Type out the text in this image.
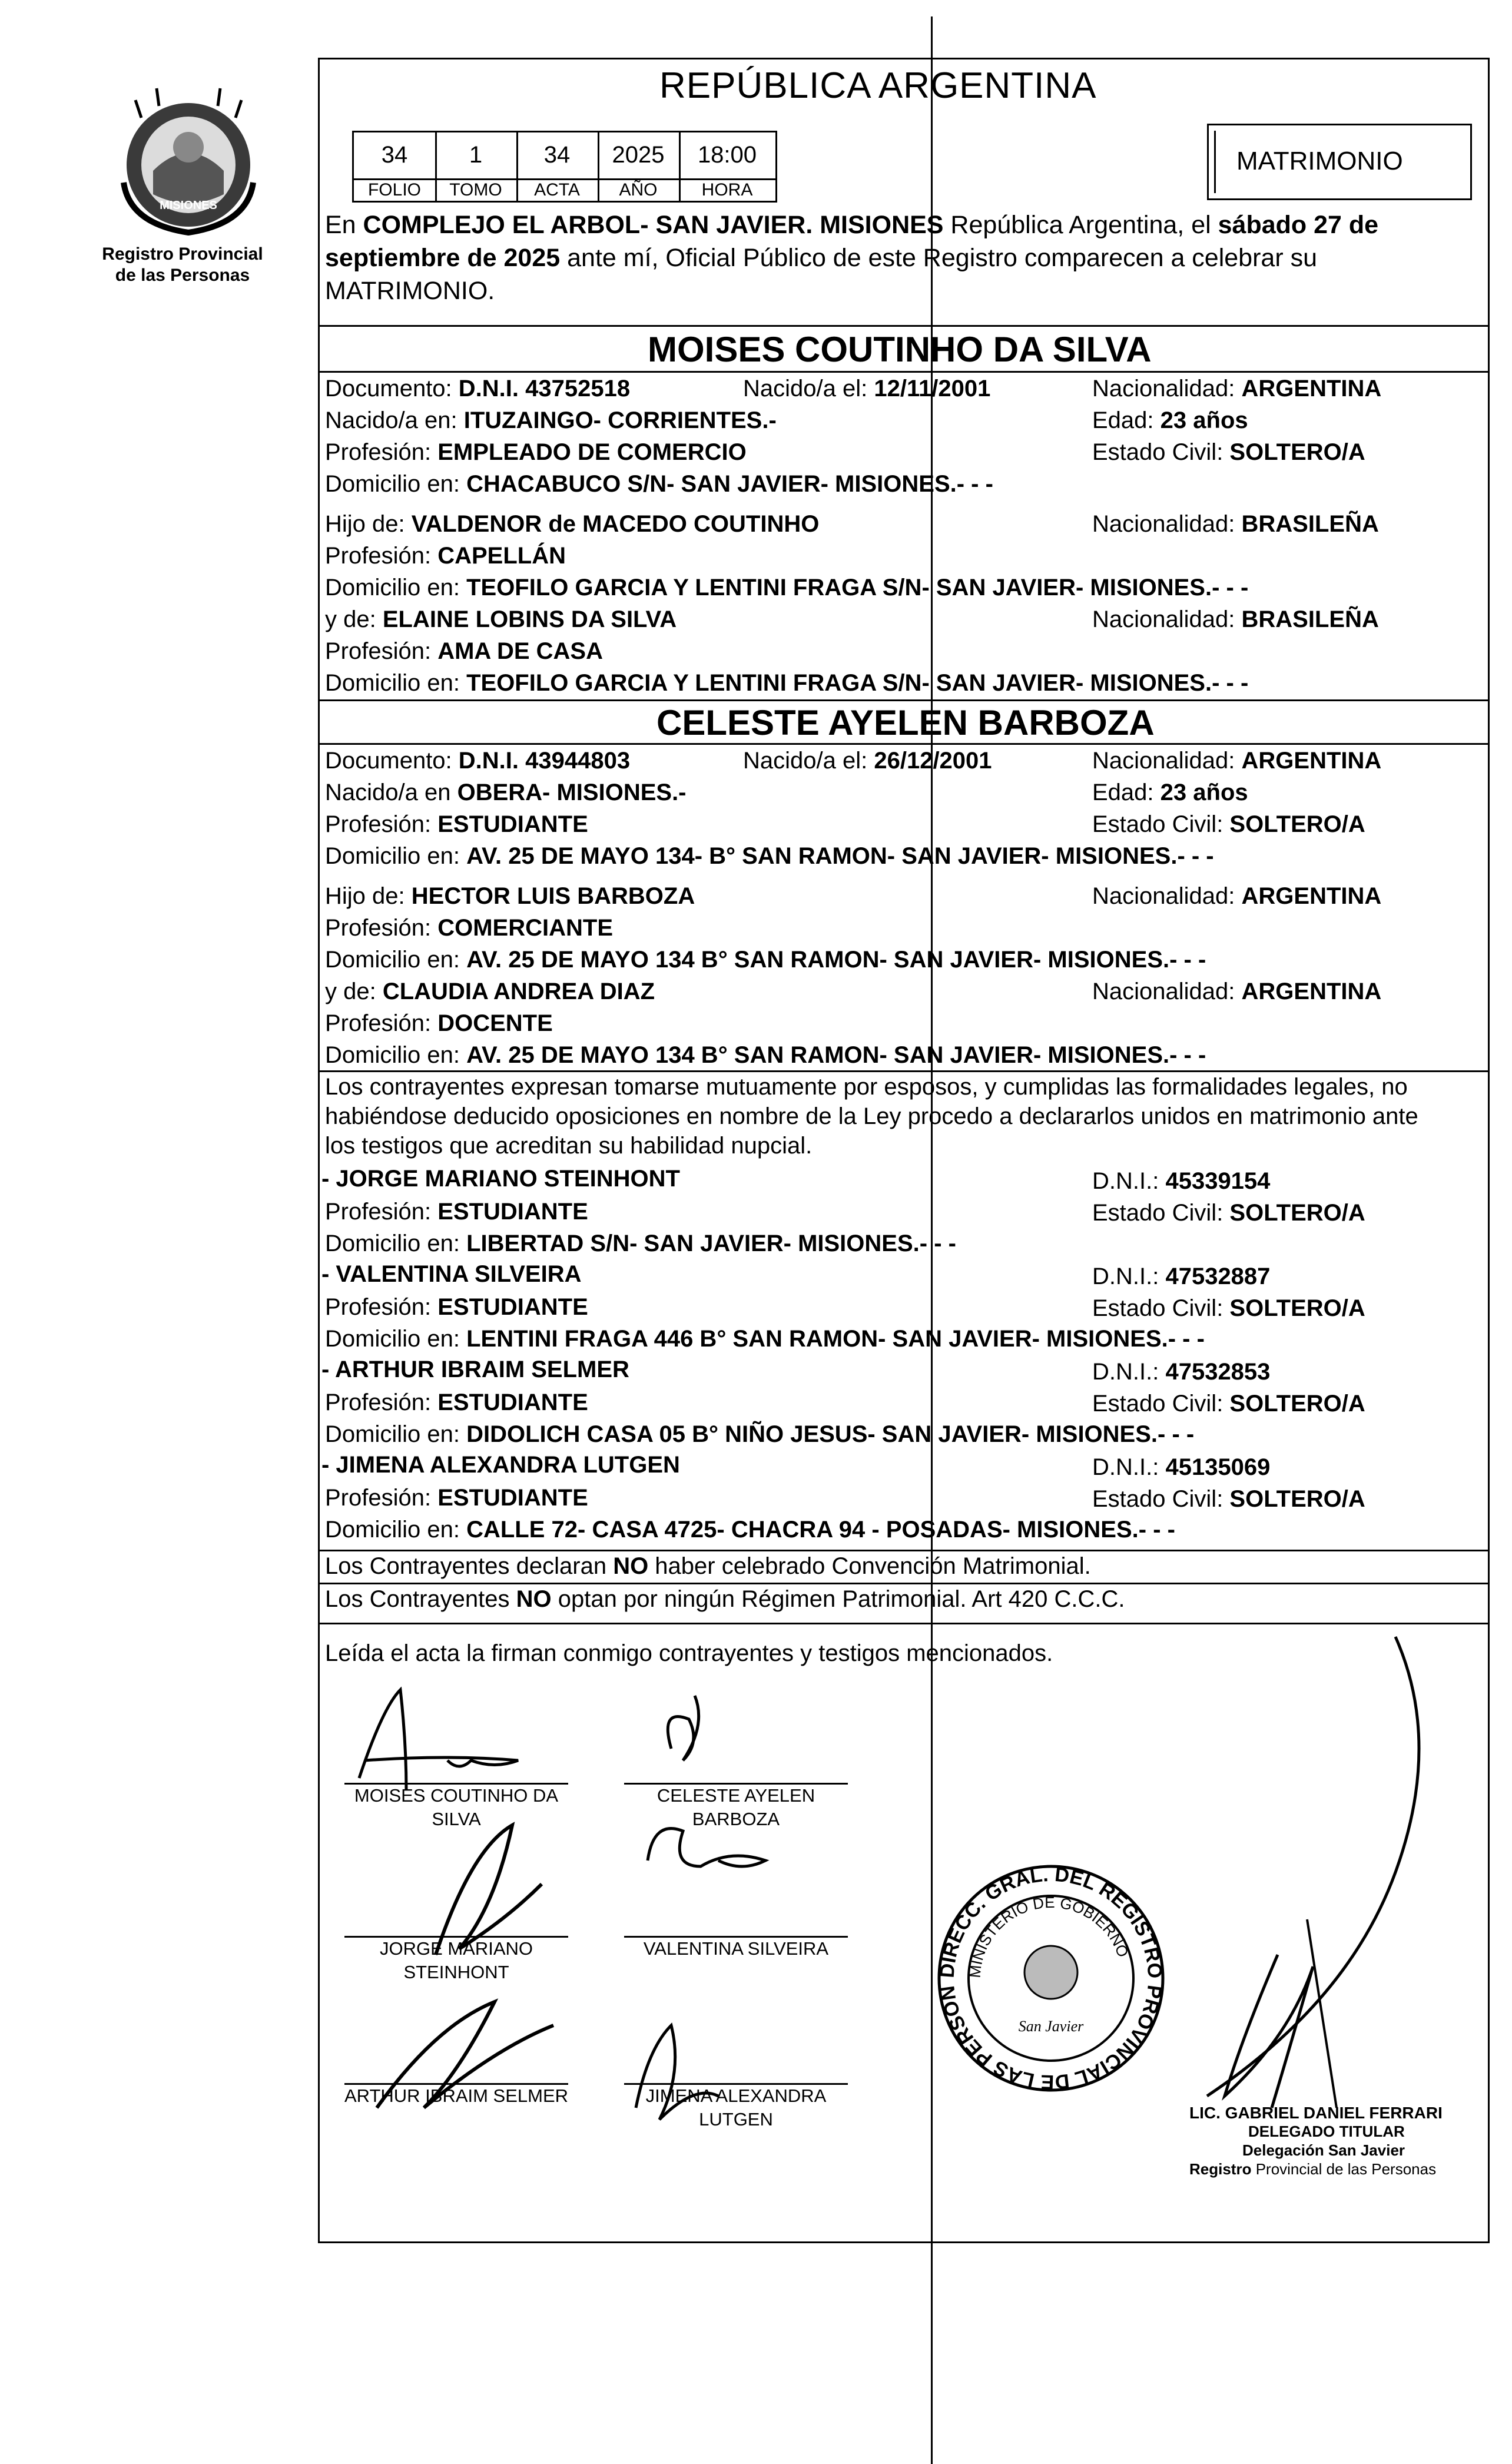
MISIONES
Registro Provincial
de las Personas
REPÚBLICA ARGENTINA
MATRIMONIO
34	1	34	2025	18:00
FOLIO	TOMO	ACTA	AÑO	HORA
En COMPLEJO EL ARBOL- SAN JAVIER. MISIONES República Argentina, el sábado 27 de
septiembre de 2025 ante mí, Oficial Público de este Registro comparecen a celebrar su
MATRIMONIO.
MOISES COUTINHO DA SILVA
Documento: D.N.I. 43752518	Nacido/a el: 12/11/2001	Nacionalidad: ARGENTINA
Nacido/a en: ITUZAINGO- CORRIENTES.-	Edad: 23 años
Profesión: EMPLEADO DE COMERCIO	Estado Civil: SOLTERO/A
Domicilio en: CHACABUCO S/N- SAN JAVIER- MISIONES.- - -
Hijo de: VALDENOR de MACEDO COUTINHO	Nacionalidad: BRASILEÑA
Profesión: CAPELLÁN
Domicilio en: TEOFILO GARCIA Y LENTINI FRAGA S/N- SAN JAVIER- MISIONES.- - -
y de: ELAINE LOBINS DA SILVA	Nacionalidad: BRASILEÑA
Profesión: AMA DE CASA
Domicilio en: TEOFILO GARCIA Y LENTINI FRAGA S/N- SAN JAVIER- MISIONES.- - -
CELESTE AYELEN BARBOZA
Documento: D.N.I. 43944803	Nacido/a el: 26/12/2001	Nacionalidad: ARGENTINA
Nacido/a en OBERA- MISIONES.-	Edad: 23 años
Profesión: ESTUDIANTE	Estado Civil: SOLTERO/A
Domicilio en: AV. 25 DE MAYO 134- B° SAN RAMON- SAN JAVIER- MISIONES.- - -
Hijo de: HECTOR LUIS BARBOZA	Nacionalidad: ARGENTINA
Profesión: COMERCIANTE
Domicilio en: AV. 25 DE MAYO 134 B° SAN RAMON- SAN JAVIER- MISIONES.- - -
y de: CLAUDIA ANDREA DIAZ	Nacionalidad: ARGENTINA
Profesión: DOCENTE
Domicilio en: AV. 25 DE MAYO 134 B° SAN RAMON- SAN JAVIER- MISIONES.- - -
Los contrayentes expresan tomarse mutuamente por esposos, y cumplidas las formalidades legales, no
habiéndose deducido oposiciones en nombre de la Ley procedo a declararlos unidos en matrimonio ante
los testigos que acreditan su habilidad nupcial.
- JORGE MARIANO STEINHONT	D.N.I.: 45339154
Profesión: ESTUDIANTE	Estado Civil: SOLTERO/A
Domicilio en: LIBERTAD S/N- SAN JAVIER- MISIONES.- - -
- VALENTINA SILVEIRA	D.N.I.: 47532887
Profesión: ESTUDIANTE	Estado Civil: SOLTERO/A
Domicilio en: LENTINI FRAGA 446 B° SAN RAMON- SAN JAVIER- MISIONES.- - -
- ARTHUR IBRAIM SELMER	D.N.I.: 47532853
Profesión: ESTUDIANTE	Estado Civil: SOLTERO/A
Domicilio en: DIDOLICH CASA 05 B° NIÑO JESUS- SAN JAVIER- MISIONES.- - -
- JIMENA ALEXANDRA LUTGEN	D.N.I.: 45135069
Profesión: ESTUDIANTE	Estado Civil: SOLTERO/A
Domicilio en: CALLE 72- CASA 4725- CHACRA 94 - POSADAS- MISIONES.- - -
Los Contrayentes declaran NO haber celebrado Convención Matrimonial.
Los Contrayentes NO optan por ningún Régimen Patrimonial. Art 420 C.C.C.
Leída el acta la firman conmigo contrayentes y testigos mencionados.
MOISES COUTINHO DA
SILVA
CELESTE AYELEN
BARBOZA
JORGE MARIANO
STEINHONT
VALENTINA SILVEIRA
ARTHUR IBRAIM SELMER	JIMENA ALEXANDRA
LUTGEN
DIRECC. GRAL. DEL REGISTRO PROVINCIAL DE LAS PERSON
MINISTERIO DE GOBIERNO
San Javier
LIC. GABRIEL DANIEL FERRARI
DELEGADO TITULAR
Delegación San Javier
Registro Provincial de las Personas
